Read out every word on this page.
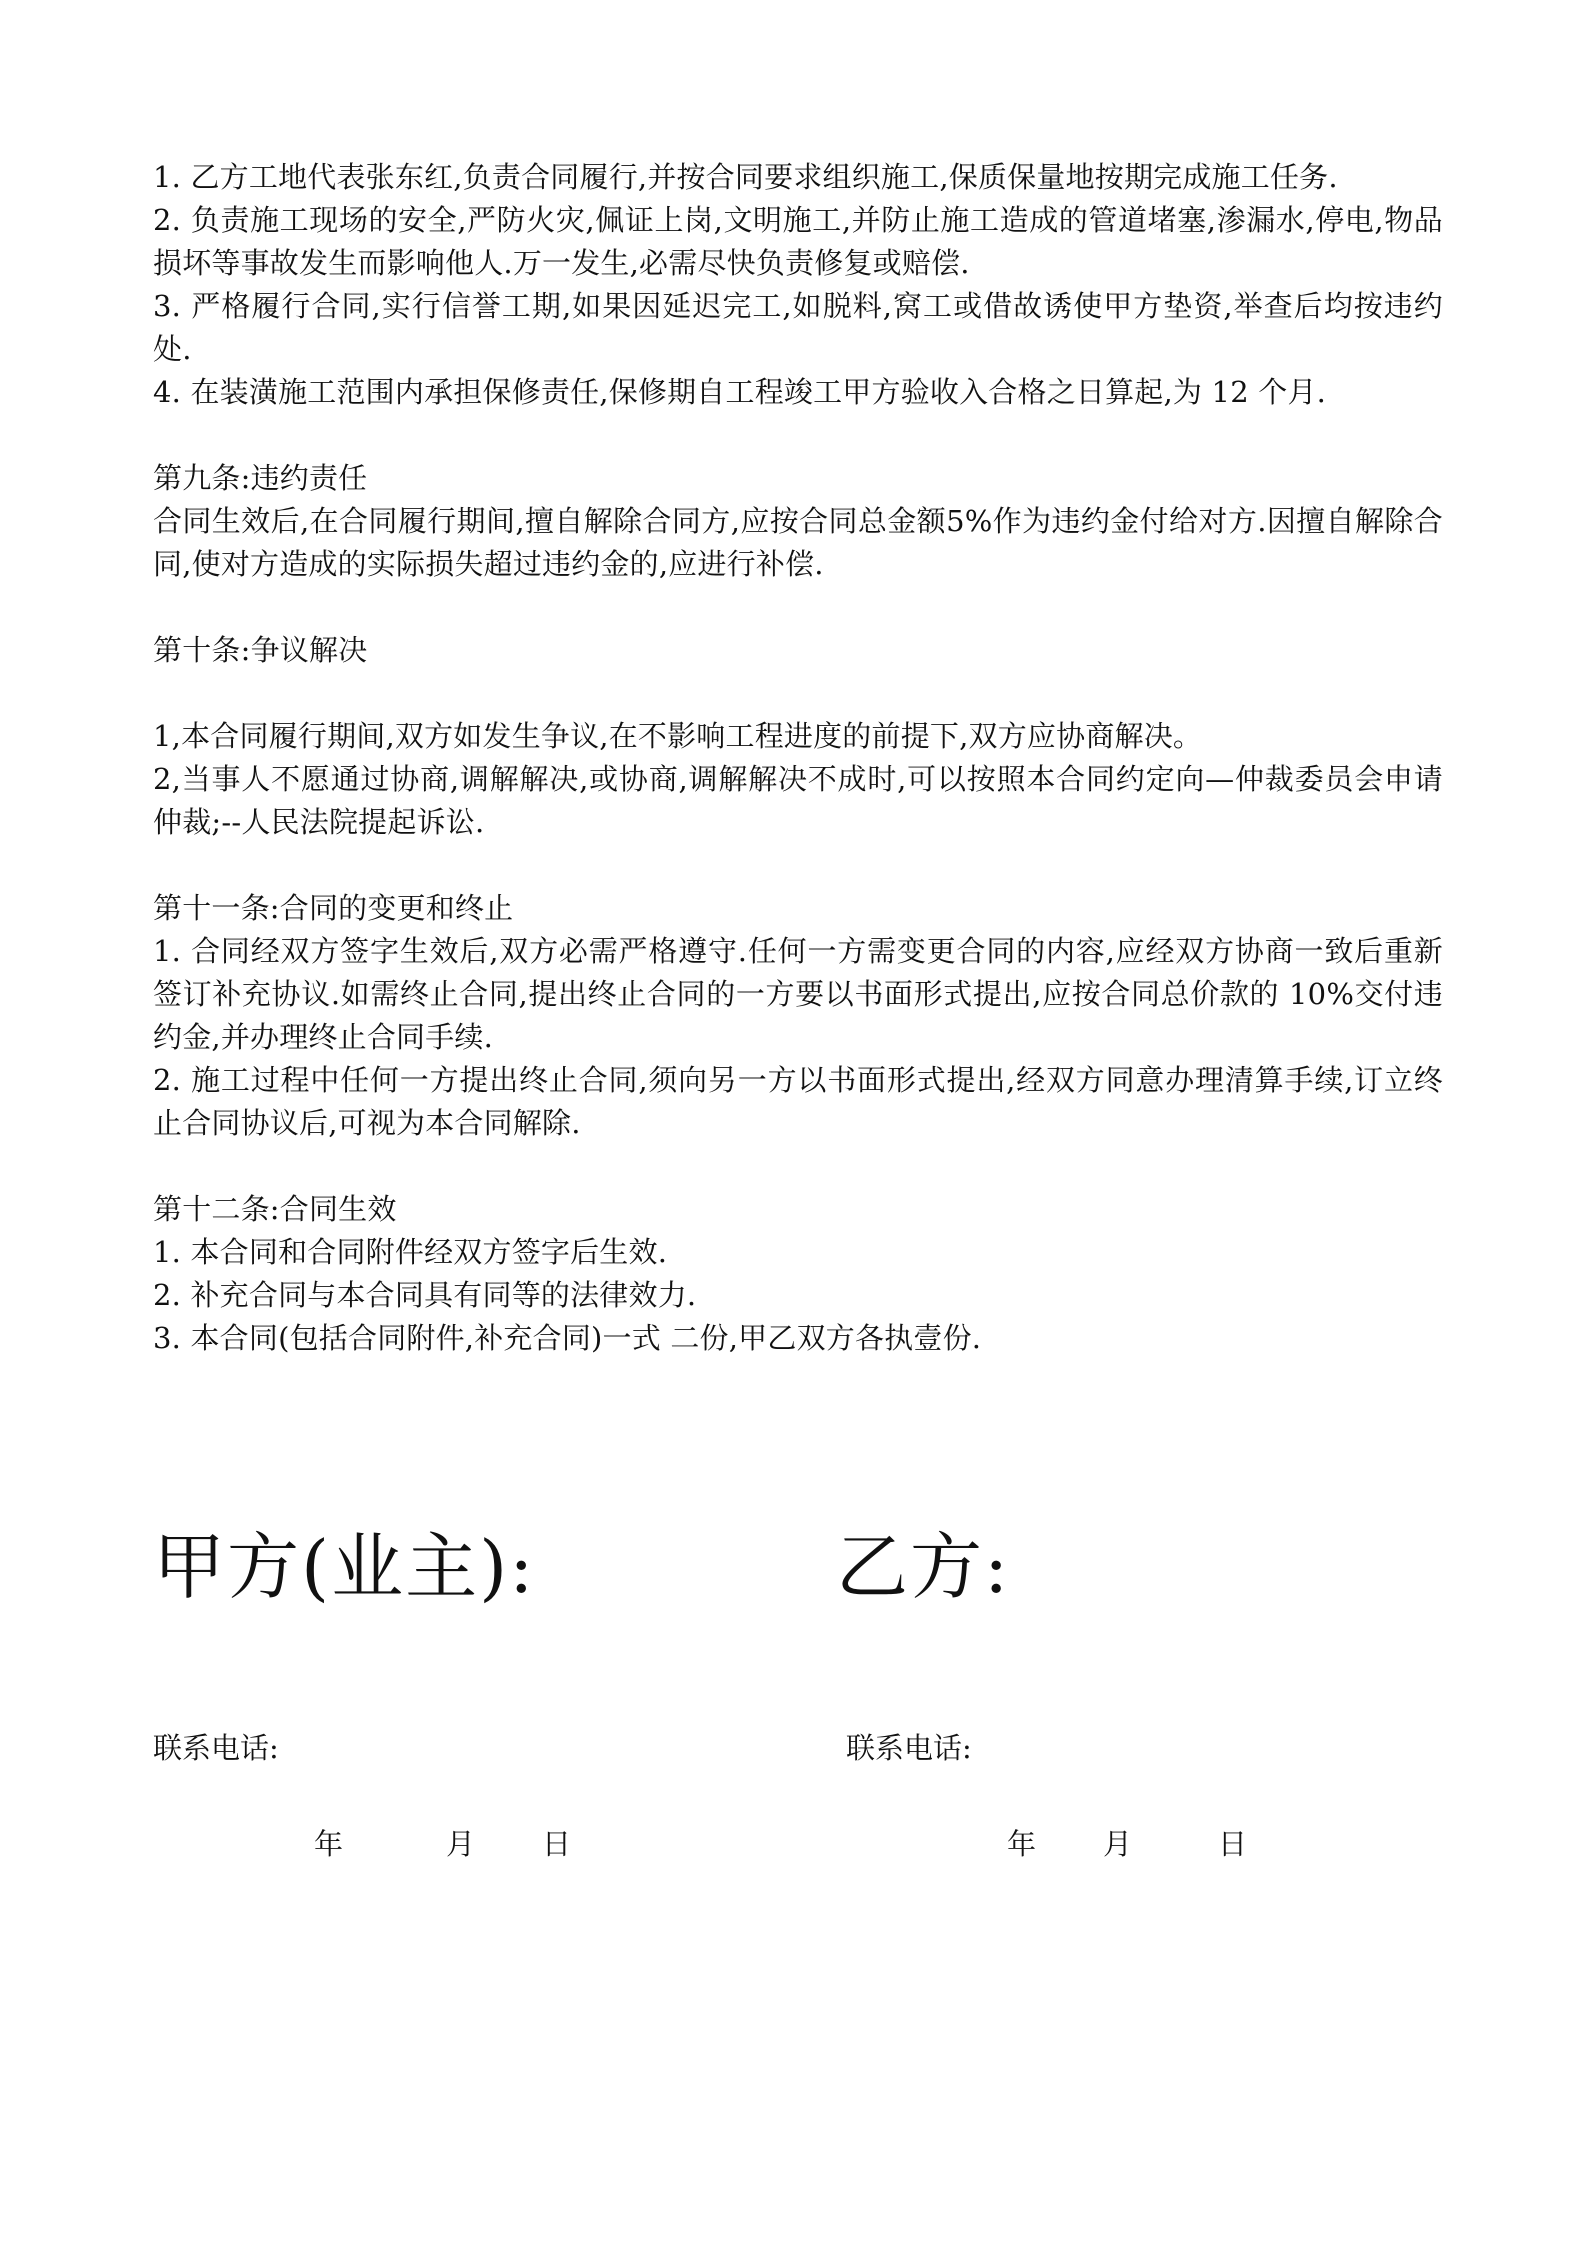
1. 乙方工地代表张东红,负责合同履行,并按合同要求组织施工,保质保量地按期完成施工任务.

2. 负责施工现场的安全,严防火灾,佩证上岗,文明施工,并防止施工造成的管道堵塞,渗漏水,停电,物品损坏等事故发生而影响他人.万一发生,必需尽快负责修复或赔偿.

3. 严格履行合同,实行信誉工期,如果因延迟完工,如脱料,窝工或借故诱使甲方垫资,举查后均按违约处.

4. 在装潢施工范围内承担保修责任,保修期自工程竣工甲方验收入合格之日算起,为 12 个月.

第九条:违约责任

合同生效后,在合同履行期间,擅自解除合同方,应按合同总金额5%作为违约金付给对方.因擅自解除合同,使对方造成的实际损失超过违约金的,应进行补偿.

第十条:争议解决

1,本合同履行期间,双方如发生争议,在不影响工程进度的前提下,双方应协商解决。

2,当事人不愿通过协商,调解解决,或协商,调解解决不成时,可以按照本合同约定向—仲裁委员会申请仲裁;--人民法院提起诉讼.

第十一条:合同的变更和终止

1. 合同经双方签字生效后,双方必需严格遵守.任何一方需变更合同的内容,应经双方协商一致后重新签订补充协议.如需终止合同,提出终止合同的一方要以书面形式提出,应按合同总价款的 10%交付违约金,并办理终止合同手续.

2. 施工过程中任何一方提出终止合同,须向另一方以书面形式提出,经双方同意办理清算手续,订立终止合同协议后,可视为本合同解除.

第十二条:合同生效

1. 本合同和合同附件经双方签字后生效.

2. 补充合同与本合同具有同等的法律效力.

3. 本合同(包括合同附件,补充合同)一式 二份,甲乙双方各执壹份.

甲方(业主):	乙方:
联系电话:	联系电话:
年	月 日	年 月	日
